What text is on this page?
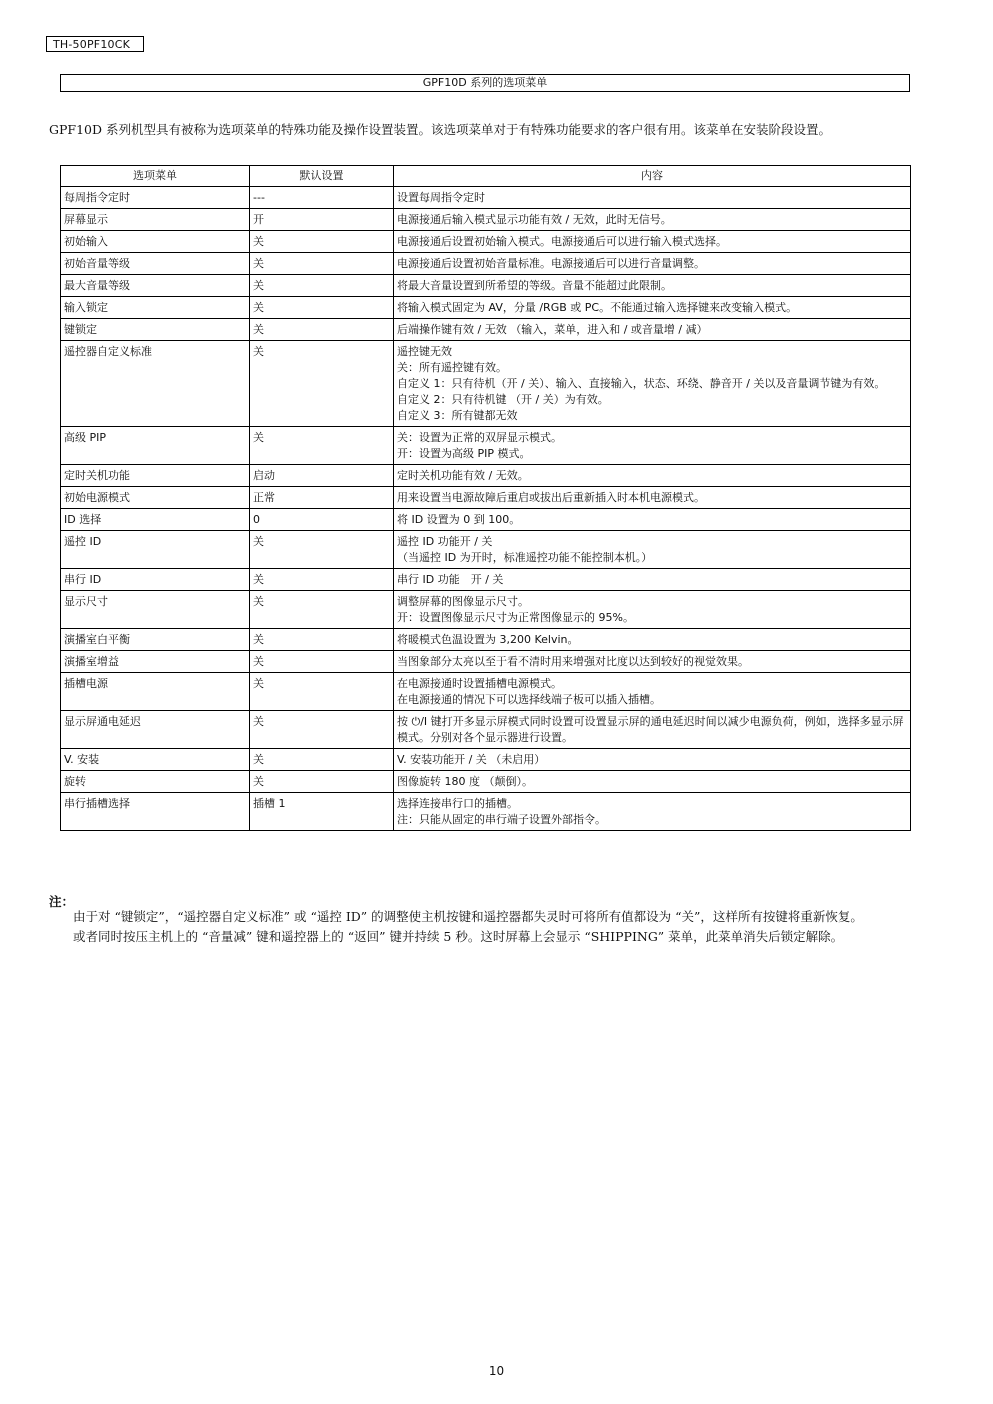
TH-50PF10CK
GPF10D 系列的选项菜单

GPF10D 系列机型具有被称为选项菜单的特殊功能及操作设置装置。该选项菜单对于有特殊功能要求的客户很有用。该菜单在安装阶段设置。

选项菜单	默认设置	内容
每周指令定时	---	设置每周指令定时
屏幕显示	开	电源接通后输入模式显示功能有效 / 无效，此时无信号。
初始输入	关	电源接通后设置初始输入模式。电源接通后可以进行输入模式选择。
初始音量等级	关	电源接通后设置初始音量标准。电源接通后可以进行音量调整。
最大音量等级	关	将最大音量设置到所希望的等级。音量不能超过此限制。
输入锁定	关	将输入模式固定为 AV，分量 /RGB 或 PC。不能通过输入选择键来改变输入模式。
键锁定	关	后端操作键有效 / 无效 （输入，菜单，进入和 / 或音量增 / 减）
遥控器自定义标准	关	遥控键无效
关：所有遥控键有效。
自定义 1：只有待机（开 / 关）、输入、直接输入，状态、环绕、静音开 / 关以及音量调节键为有效。
自定义 2：只有待机键 （开 / 关）为有效。
自定义 3：所有键都无效
高级 PIP	关	关：设置为正常的双屏显示模式。
开：设置为高级 PIP 模式。
定时关机功能	启动	定时关机功能有效 / 无效。
初始电源模式	正常	用来设置当电源故障后重启或拔出后重新插入时本机电源模式。
ID 选择	0	将 ID 设置为 0 到 100。
遥控 ID	关	遥控 ID 功能开 / 关
（当遥控 ID 为开时，标准遥控功能不能控制本机。）
串行 ID	关	串行 ID 功能　开 / 关
显示尺寸	关	调整屏幕的图像显示尺寸。
开：设置图像显示尺寸为正常图像显示的 95%。
演播室白平衡	关	将暖模式色温设置为 3,200 Kelvin。
演播室增益	关	当图象部分太亮以至于看不清时用来增强对比度以达到较好的视觉效果。
插槽电源	关	在电源接通时设置插槽电源模式。
在电源接通的情况下可以选择线端子板可以插入插槽。
显示屏通电延迟	关	按 ⏻/I 键打开多显示屏模式同时设置可设置显示屏的通电延迟时间以减少电源负荷，例如，选择多显示屏模式。分别对各个显示器进行设置。
V. 安装	关	V. 安装功能开 / 关 （未启用）
旋转	关	图像旋转 180 度 （颠倒）。
串行插槽选择	插槽 1	选择连接串行口的插槽。
注：只能从固定的串行端子设置外部指令。
注：

由于对 “键锁定”，“遥控器自定义标准” 或 “遥控 ID” 的调整使主机按键和遥控器都失灵时可将所有值都设为 “关”，这样所有按键将重新恢复。

或者同时按压主机上的 “音量减” 键和遥控器上的 “返回” 键并持续 5 秒。这时屏幕上会显示 “SHIPPING” 菜单，此菜单消失后锁定解除。

10
